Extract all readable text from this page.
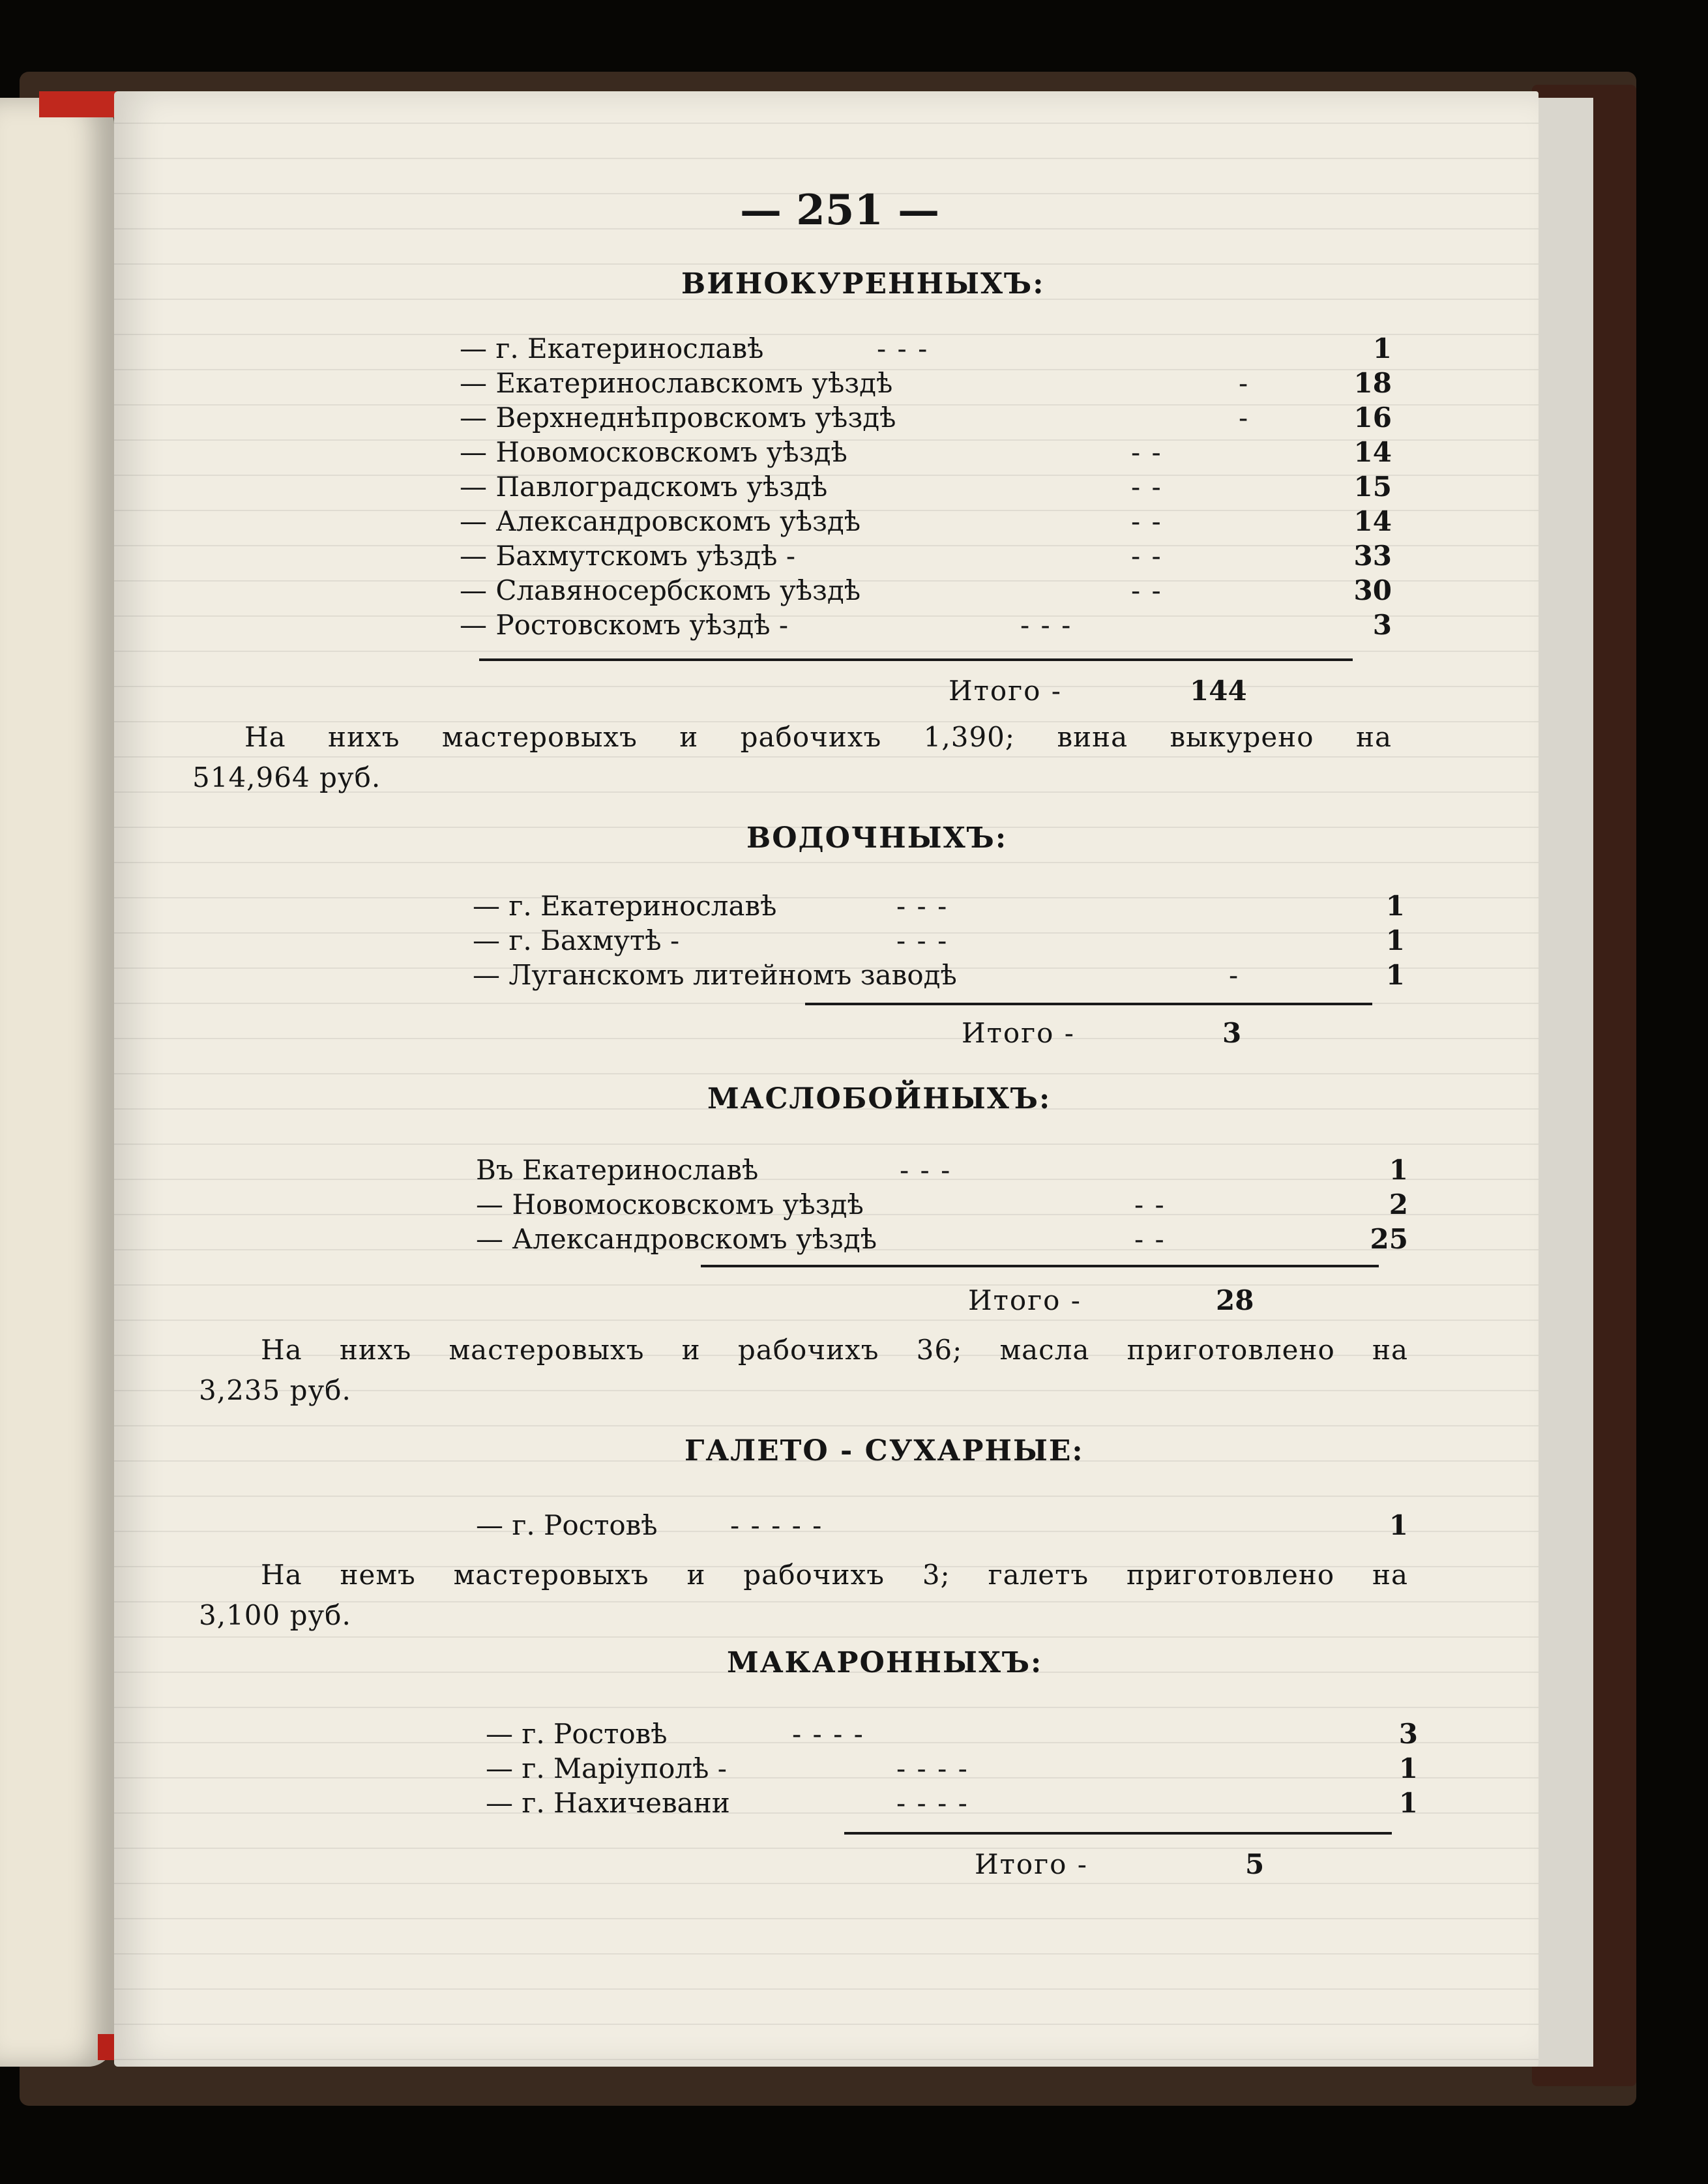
— 251 —
ВИНОКУРЕННЫХЪ:
— г. Екатеринославѣ	- - -	1
— Екатеринославскомъ уѣздѣ	-	18
— Верхнеднѣпровскомъ уѣздѣ	-	16
— Новомосковскомъ уѣздѣ	- -	14
— Павлоградскомъ уѣздѣ	- -	15
— Александровскомъ уѣздѣ	- -	14
— Бахмутскомъ уѣздѣ -	- -	33
— Славяносербскомъ уѣздѣ	- -	30
— Ростовскомъ уѣздѣ -	- - -	3
Итого -	144
На нихъ мастеровыхъ и рабочихъ 1,390; вина выкурено на
514,964 руб.
ВОДОЧНЫХЪ:
— г. Екатеринославѣ	- - -	1
— г. Бахмутѣ -	- - -	1
— Луганскомъ литейномъ заводѣ	-	1
Итого -	3
МАСЛОБОЙНЫХЪ:
Въ Екатеринославѣ	- - -	1
— Новомосковскомъ уѣздѣ	- -	2
— Александровскомъ уѣздѣ	- -	25
Итого -	28
На нихъ мастеровыхъ и рабочихъ 36; масла приготовлено на
3,235 руб.
ГАЛЕТО - СУХАРНЫЕ:
— г. Ростовѣ	- - - - -	1
На немъ мастеровыхъ и рабочихъ 3; галетъ приготовлено на
3,100 руб.
МАКАРОННЫХЪ:
— г. Ростовѣ	- - - -	3
— г. Маріуполѣ -	- - - -	1
— г. Нахичевани	- - - -	1
Итого -	5
